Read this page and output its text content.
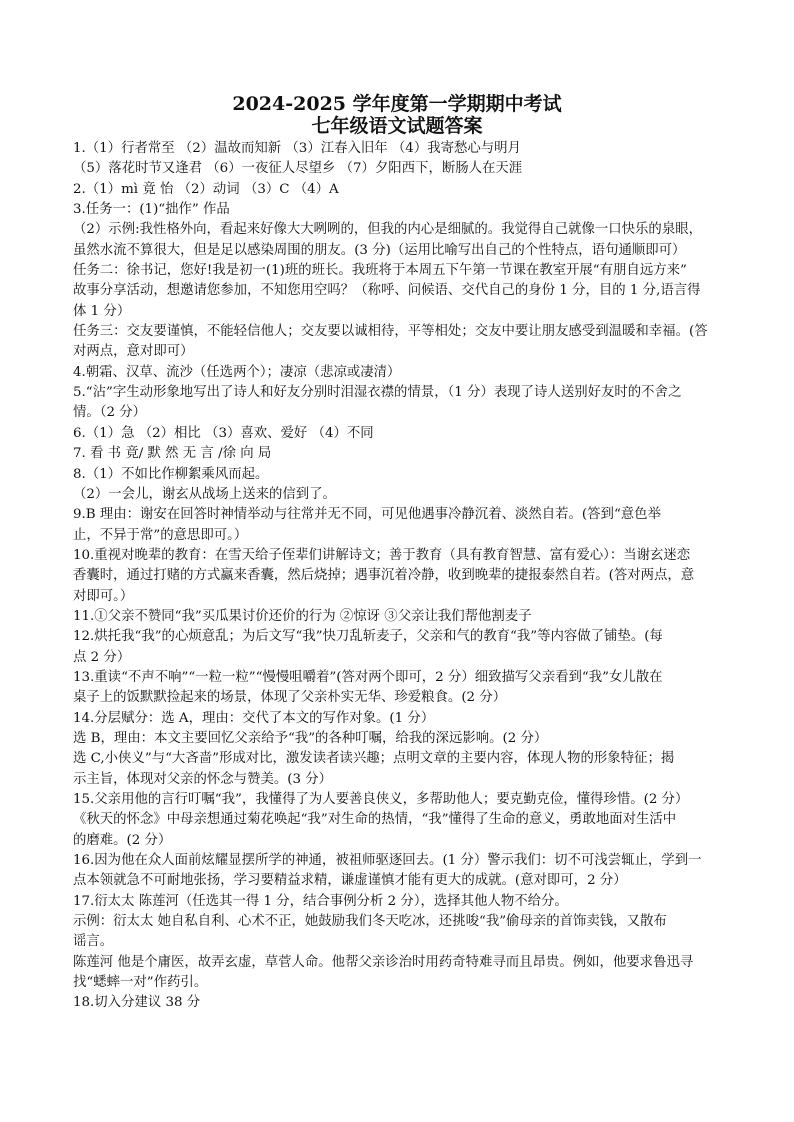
2024-2025 学年度第一学期期中考试
七年级语文试题答案
1.（1）行者常至 （2）温故而知新 （3）江春入旧年 （4）我寄愁心与明月
（5）落花时节又逢君 （6）一夜征人尽望乡 （7）夕阳西下，断肠人在天涯
2.（1）mì 竟 怡 （2）动词 （3）C （4）A
3.任务一：(1)“拙作” 作品
（2）示例:我性格外向，看起来好像大大咧咧的，但我的内心是细腻的。我觉得自己就像一口快乐的泉眼，
虽然水流不算很大，但是足以感染周围的朋友。(3 分)（运用比喻写出自己的个性特点，语句通顺即可）
任务二：徐书记，您好!我是初一(1)班的班长。我班将于本周五下午第一节课在教室开展“有朋自远方来”
故事分享活动，想邀请您参加，不知您用空吗？（称呼、问候语、交代自己的身份 1 分，目的 1 分,语言得
体 1 分）
任务三：交友要谨慎，不能轻信他人；交友要以诚相待，平等相处；交友中要让朋友感受到温暖和幸福。(答
对两点，意对即可）
4.朝霜、汉草、流沙（任选两个）；凄凉（悲凉或凄清）
5.“沾”字生动形象地写出了诗人和好友分别时泪湿衣襟的情景，（1 分）表现了诗人送别好友时的不舍之
情。（2 分）
6.（1）急 （2）相比 （3）喜欢、爱好 （4）不同
7. 看 书 竟/ 默 然 无 言 /徐 向 局
8.（1）不如比作柳絮乘风而起。
（2）一会儿，谢玄从战场上送来的信到了。
9.B 理由：谢安在回答时神情举动与往常并无不同，可见他遇事冷静沉着、淡然自若。(答到“意色举
止，不异于常”的意思即可。）
10.重视对晚辈的教育：在雪天给子侄辈们讲解诗文；善于教育（具有教育智慧、富有爱心）：当谢玄迷恋
香囊时，通过打赌的方式赢来香囊，然后烧掉；遇事沉着冷静，收到晚辈的捷报泰然自若。(答对两点，意
对即可。）
11.①父亲不赞同“我”买瓜果讨价还价的行为 ②惊讶 ③父亲让我们帮他割麦子
12.烘托我“我”的心烦意乱；为后文写“我”快刀乱斩麦子，父亲和气的教育“我”等内容做了铺垫。(每
点 2 分）
13.重读“不声不响”“一粒一粒”“慢慢咀嚼着”(答对两个即可，2 分）细致描写父亲看到“我”女儿散在
桌子上的饭默默捡起来的场景，体现了父亲朴实无华、珍爱粮食。(2 分）
14.分层赋分：选 A，理由：交代了本文的写作对象。(1 分）
选 B，理由：本文主要回忆父亲给予“我”的各种叮嘱，给我的深远影响。(2 分）
选 C,小侠义”与“大吝啬”形成对比，激发读者读兴趣；点明文章的主要内容，体现人物的形象特征；揭
示主旨，体现对父亲的怀念与赞美。(3 分）
15.父亲用他的言行叮嘱“我”，我懂得了为人要善良侠义，多帮助他人；要克勤克俭，懂得珍惜。(2 分）
《秋天的怀念》中母亲想通过菊花唤起“我”对生命的热情，“我”懂得了生命的意义，勇敢地面对生活中
的磨难。(2 分）
16.因为他在众人面前炫耀显摆所学的神通，被祖师驱逐回去。(1 分）警示我们：切不可浅尝辄止，学到一
点本领就急不可耐地张扬，学习要精益求精，谦虚谨慎才能有更大的成就。(意对即可，2 分）
17.衍太太 陈莲河（任选其一得 1 分，结合事例分析 2 分），选择其他人物不给分。
示例：衍太太 她自私自利、心术不正，她鼓励我们冬天吃冰，还挑唆“我”偷母亲的首饰卖钱，又散布
谣言。
陈莲河 他是个庸医，故弄玄虚，草菅人命。他帮父亲诊治时用药奇特难寻而且昂贵。例如，他要求鲁迅寻
找“蟋蟀一对”作药引。
18.切入分建议 38 分
